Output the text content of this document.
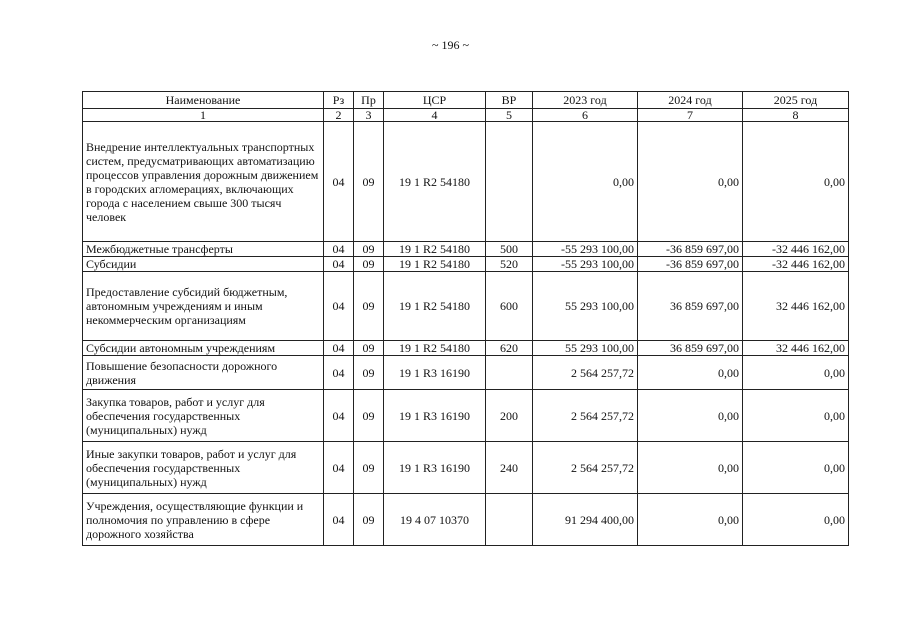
~ 196 ~
Наименование	Рз	Пр	ЦСР	ВР	2023 год	2024 год	2025 год
1	2	3	4	5	6	7	8
Внедрение интеллектуальных транспортных систем, предусматривающих автоматизацию процессов управления дорожным движением в городских агломерациях, включающих города с населением свыше 300 тысяч человек	04	09	19 1 R2 54180		0,00	0,00	0,00
Межбюджетные трансферты	04	09	19 1 R2 54180	500	-55 293 100,00	-36 859 697,00	-32 446 162,00
Субсидии	04	09	19 1 R2 54180	520	-55 293 100,00	-36 859 697,00	-32 446 162,00
Предоставление субсидий бюджетным, автономным учреждениям и иным некоммерческим организациям	04	09	19 1 R2 54180	600	55 293 100,00	36 859 697,00	32 446 162,00
Субсидии автономным учреждениям	04	09	19 1 R2 54180	620	55 293 100,00	36 859 697,00	32 446 162,00
Повышение безопасности дорожного движения	04	09	19 1 R3 16190		2 564 257,72	0,00	0,00
Закупка товаров, работ и услуг для обеспечения государственных (муниципальных) нужд	04	09	19 1 R3 16190	200	2 564 257,72	0,00	0,00
Иные закупки товаров, работ и услуг для обеспечения государственных (муниципальных) нужд	04	09	19 1 R3 16190	240	2 564 257,72	0,00	0,00
Учреждения, осуществляющие функции и полномочия по управлению в сфере дорожного хозяйства	04	09	19 4 07 10370		91 294 400,00	0,00	0,00
